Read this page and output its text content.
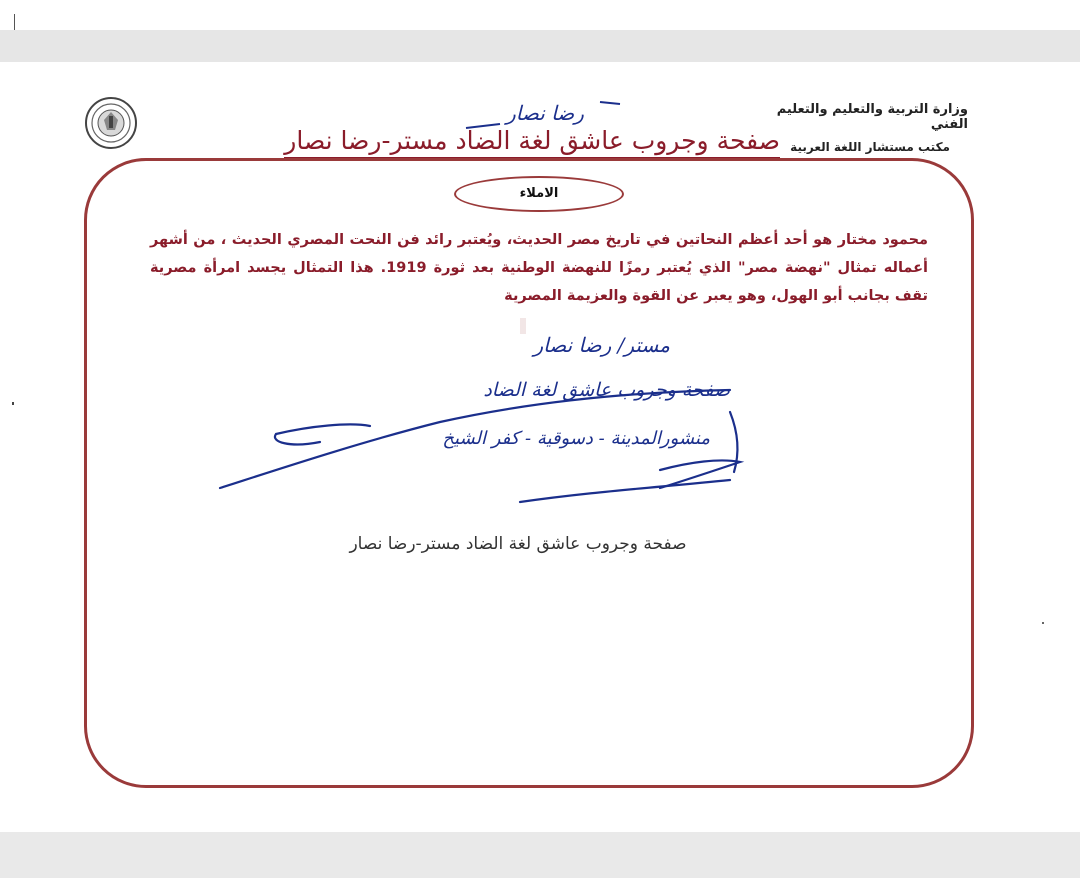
وزارة التربية والتعليم والتعليم الفني
مكتب مستشار اللغة العربية
رضا نصار
صفحة وجروب عاشق لغة الضاد مستر-رضا نصار
الاملاء
محمود مختار هو أحد أعظم النحاتين في تاريخ مصر الحديث، ويُعتبر رائد فن النحت المصري الحديث ، من أشهر أعماله تمثال "نهضة مصر" الذي يُعتبر رمزًا للنهضة الوطنية بعد ثورة 1919. هذا التمثال يجسد امرأة مصرية تقف بجانب أبو الهول، وهو يعبر عن القوة والعزيمة المصرية
مستر/ رضا نصار
صفحة وجروب عاشق لغة الضاد
منشورالمدينة - دسوقية - كفر الشيخ
صفحة وجروب عاشق لغة الضاد مستر-رضا نصار
